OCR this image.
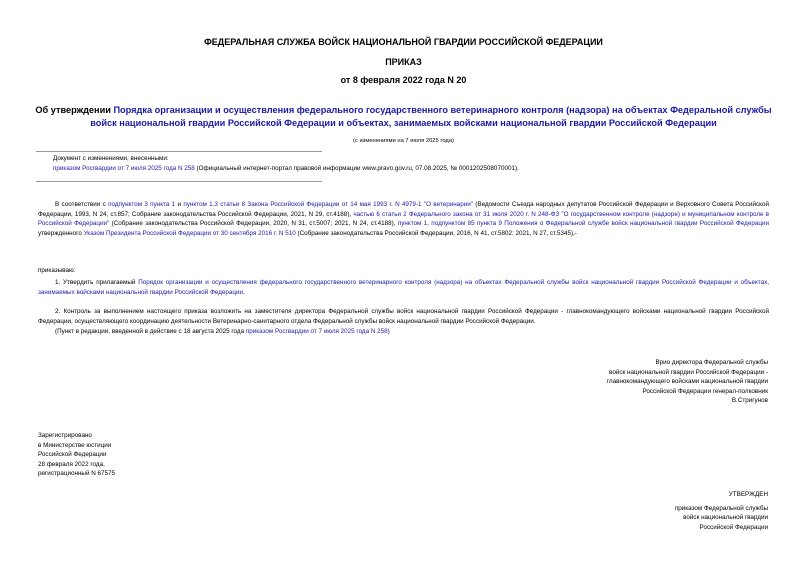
ФЕДЕРАЛЬНАЯ СЛУЖБА ВОЙСК НАЦИОНАЛЬНОЙ ГВАРДИИ РОССИЙСКОЙ ФЕДЕРАЦИИ
ПРИКАЗ
от 8 февраля 2022 года N 20
Об утверждении Порядка организации и осуществления федерального государственного ветеринарного контроля (надзора) на объектах Федеральной службы
войск национальной гвардии Российской Федерации и объектах, занимаемых войсками национальной гвардии Российской Федерации
(с изменениями на 7 июля 2025 года)

Документ с изменениями, внесенными:

приказом Росгвардии от 7 июля 2025 года N 258 (Официальный интернет-портал правовой информации www.pravo.gov.ru, 07.08.2025, № 0001202508070001).

В соответствии с подпунктом 3 пункта 1 и пунктом 1.3 статьи 8 Закона Российской Федерации от 14 мая 1993 г. N 4979-1 "О ветеринарии" (Ведомости Съезда народных депутатов Российской Федерации и Верховного Совета Российской Федерации, 1993, N 24, ст.857; Собрание законодательства Российской Федерации, 2021, N 29, ст.4188), частью 6 статьи 2 Федерального закона от 31 июля 2020 г. N 248-ФЗ "О государственном контроле (надзоре) и муниципальном контроле в Российской Федерации" (Собрание законодательства Российской Федерации, 2020, N 31, ст.5007; 2021, N 24, ст.4188), пунктом 1, подпунктом 85 пункта 9 Положения о Федеральной службе войск национальной гвардии Российской Федерации утвержденного Указом Президента Российской Федерации от 30 сентября 2016 г. N 510 (Собрание законодательства Российской Федерации, 2016, N 41, ст.5802; 2021, N 27, ст.5345),-
приказываю:
1. Утвердить прилагаемый Порядок организации и осуществления федерального государственного ветеринарного контроля (надзора) на объектах Федеральной службы войск национальной гвардии Российской Федерации и объектах, занимаемых войсками национальной гвардии Российской Федерации.
2. Контроль за выполнением настоящего приказа возложить на заместителя директора Федеральной службы войск национальной гвардии Российской Федерации - главнокомандующего войсками национальной гвардии Российской Федерации, осуществляющего координацию деятельности Ветеринарно-санитарного отдела Федеральной службы войск национальной гвардии Российской Федерации.
(Пункт в редакции, введенной в действие с 18 августа 2025 года приказом Росгвардии от 7 июля 2025 года N 258)

Врио директора Федеральной службы

войск национальной гвардии Российской Федерации -

главнокомандующего войсками национальной гвардии

Российской Федерации генерал-полковник

В.Стригунов

Зарегистрировано

в Министерстве юстиции

Российской Федерации

28 февраля 2022 года,

регистрационный N 67575

УТВЕРЖДЕН

приказом Федеральной службы

войск национальной гвардии

Российской Федерации
